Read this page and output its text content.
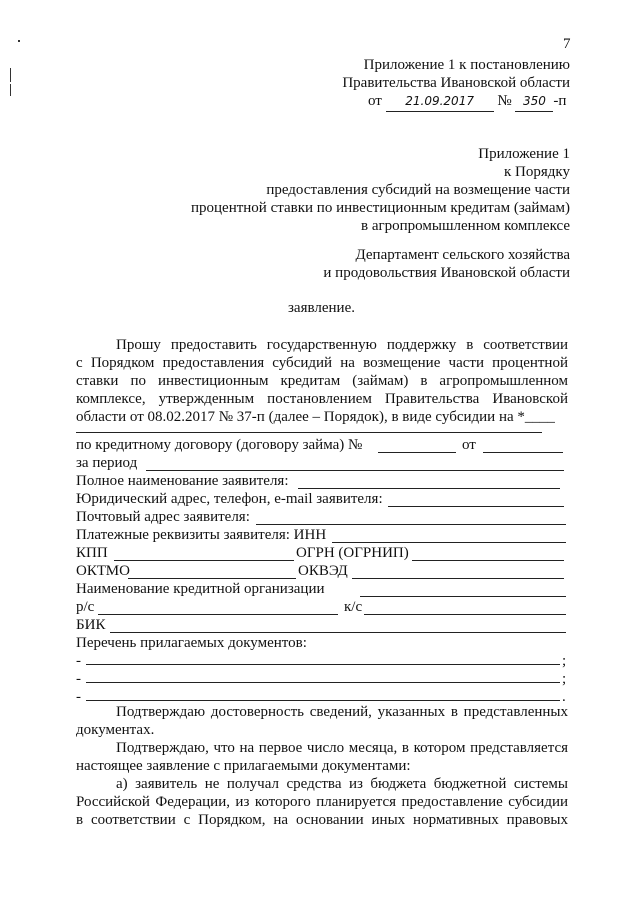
7
Приложение 1 к постановлению
Правительства Ивановской области
от 21.09.2017 № 350 -п
Приложение 1
к Порядку
предоставления субсидий на возмещение части
процентной ставки по инвестиционным кредитам (займам)
в агропромышленном комплексе
Департамент сельского хозяйства
и продовольствия Ивановской области
заявление.
Прошу предоставить государственную поддержку в соответствии
с Порядком предоставления субсидий на возмещение части процентной
ставки по инвестиционным кредитам (займам) в агропромышленном
комплексе, утвержденным постановлением Правительства Ивановской
области от 08.02.2017 № 37-п (далее – Порядок), в виде субсидии на *____
по кредитному договору (договору займа) №	от
за период
Полное наименование заявителя:
Юридический адрес, телефон, e-mail заявителя:
Почтовый адрес заявителя:
Платежные реквизиты заявителя: ИНН
КПП	ОГРН (ОГРНИП)
ОКТМО	ОКВЭД
Наименование кредитной организации
р/с	к/с
БИК
Перечень прилагаемых документов:
-	;
-	;
-	.
Подтверждаю достоверность сведений, указанных в представленных
документах.
Подтверждаю, что на первое число месяца, в котором представляется
настоящее заявление с прилагаемыми документами:
а) заявитель не получал средства из бюджета бюджетной системы
Российской Федерации, из которого планируется предоставление субсидии
в соответствии с Порядком, на основании иных нормативных правовых
